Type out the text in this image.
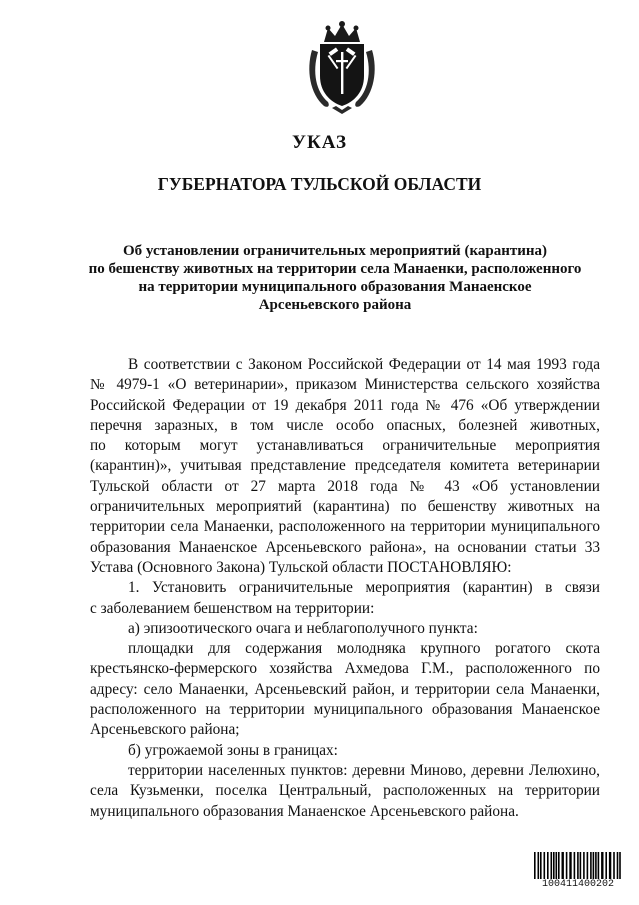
УКАЗ
ГУБЕРНАТОРА ТУЛЬСКОЙ ОБЛАСТИ
Об установлении ограничительных мероприятий (карантина)
по бешенству животных на территории села Манаенки, расположенного
на территории муниципального образования Манаенское
Арсеньевского района
В соответствии с Законом Российской Федерации от 14 мая 1993 года
№ 4979-1 «О ветеринарии», приказом Министерства сельского хозяйства
Российской Федерации от 19 декабря 2011 года № 476 «Об утверждении
перечня заразных, в том числе особо опасных, болезней животных,
по которым могут устанавливаться ограничительные мероприятия
(карантин)», учитывая представление председателя комитета ветеринарии
Тульской области от 27 марта 2018 года № 43 «Об установлении
ограничительных мероприятий (карантина) по бешенству животных на
территории села Манаенки, расположенного на территории муниципального
образования Манаенское Арсеньевского района», на основании статьи 33
Устава (Основного Закона) Тульской области ПОСТАНОВЛЯЮ:
1. Установить ограничительные мероприятия (карантин) в связи
с заболеванием бешенством на территории:
а) эпизоотического очага и неблагополучного пункта:
площадки для содержания молодняка крупного рогатого скота
крестьянско-фермерского хозяйства Ахмедова Г.М., расположенного по
адресу: село Манаенки, Арсеньевский район, и территории села Манаенки,
расположенного на территории муниципального образования Манаенское
Арсеньевского района;
б) угрожаемой зоны в границах:
территории населенных пунктов: деревни Миново, деревни Лелюхино,
села Кузьменки, поселка Центральный, расположенных на территории
муниципального образования Манаенское Арсеньевского района.
100411400202
